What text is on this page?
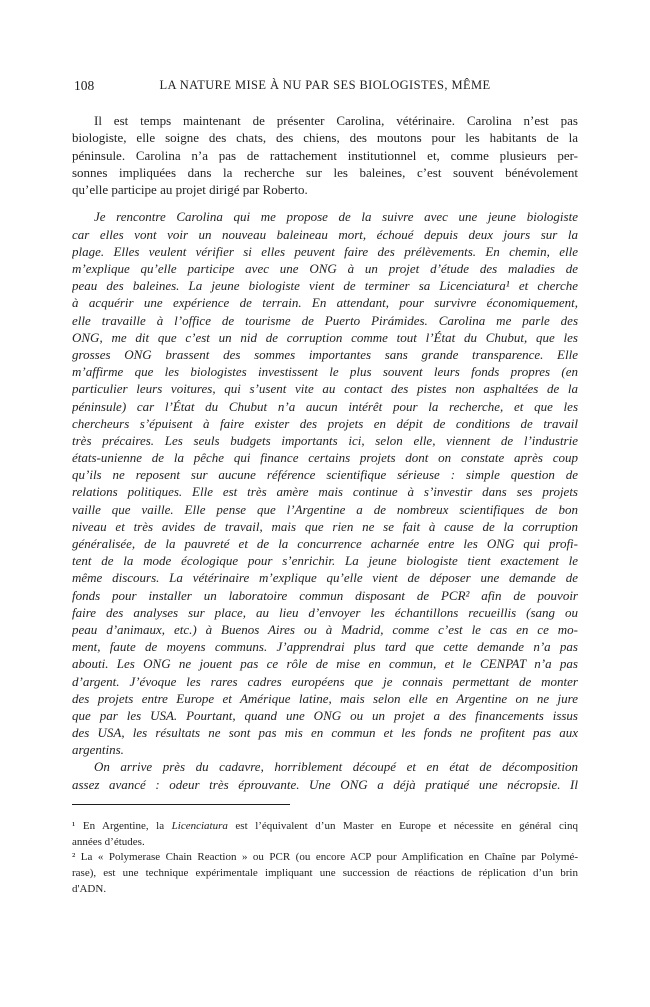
108	LA NATURE MISE À NU PAR SES BIOLOGISTES, MÊME
Il est temps maintenant de présenter Carolina, vétérinaire. Carolina n’est pas
biologiste, elle soigne des chats, des chiens, des moutons pour les habitants de la
péninsule. Carolina n’a pas de rattachement institutionnel et, comme plusieurs per-
sonnes impliquées dans la recherche sur les baleines, c’est souvent bénévolement
qu’elle participe au projet dirigé par Roberto.
Je rencontre Carolina qui me propose de la suivre avec une jeune biologiste
car elles vont voir un nouveau baleineau mort, échoué depuis deux jours sur la
plage. Elles veulent vérifier si elles peuvent faire des prélèvements. En chemin, elle
m’explique qu’elle participe avec une ONG à un projet d’étude des maladies de
peau des baleines. La jeune biologiste vient de terminer sa Licenciatura¹ et cherche
à acquérir une expérience de terrain. En attendant, pour survivre économiquement,
elle travaille à l’office de tourisme de Puerto Pirámides. Carolina me parle des
ONG, me dit que c’est un nid de corruption comme tout l’État du Chubut, que les
grosses ONG brassent des sommes importantes sans grande transparence. Elle
m’affirme que les biologistes investissent le plus souvent leurs fonds propres (en
particulier leurs voitures, qui s’usent vite au contact des pistes non asphaltées de la
péninsule) car l’État du Chubut n’a aucun intérêt pour la recherche, et que les
chercheurs s’épuisent à faire exister des projets en dépit de conditions de travail
très précaires. Les seuls budgets importants ici, selon elle, viennent de l’industrie
états-unienne de la pêche qui finance certains projets dont on constate après coup
qu’ils ne reposent sur aucune référence scientifique sérieuse : simple question de
relations politiques. Elle est très amère mais continue à s’investir dans ses projets
vaille que vaille. Elle pense que l’Argentine a de nombreux scientifiques de bon
niveau et très avides de travail, mais que rien ne se fait à cause de la corruption
généralisée, de la pauvreté et de la concurrence acharnée entre les ONG qui profi-
tent de la mode écologique pour s’enrichir. La jeune biologiste tient exactement le
même discours. La vétérinaire m’explique qu’elle vient de déposer une demande de
fonds pour installer un laboratoire commun disposant de PCR² afin de pouvoir
faire des analyses sur place, au lieu d’envoyer les échantillons recueillis (sang ou
peau d’animaux, etc.) à Buenos Aires ou à Madrid, comme c’est le cas en ce mo-
ment, faute de moyens communs. J’apprendrai plus tard que cette demande n’a pas
abouti. Les ONG ne jouent pas ce rôle de mise en commun, et le CENPAT n’a pas
d’argent. J’évoque les rares cadres européens que je connais permettant de monter
des projets entre Europe et Amérique latine, mais selon elle en Argentine on ne jure
que par les USA. Pourtant, quand une ONG ou un projet a des financements issus
des USA, les résultats ne sont pas mis en commun et les fonds ne profitent pas aux
argentins.
On arrive près du cadavre, horriblement découpé et en état de décomposition
assez avancé : odeur très éprouvante. Une ONG a déjà pratiqué une nécropsie. Il
¹ En Argentine, la Licenciatura est l’équivalent d’un Master en Europe et nécessite en général cinq
années d’études.
² La « Polymerase Chain Reaction » ou PCR (ou encore ACP pour Amplification en Chaîne par Polymé-
rase), est une technique expérimentale impliquant une succession de réactions de réplication d’un brin
d'ADN.
